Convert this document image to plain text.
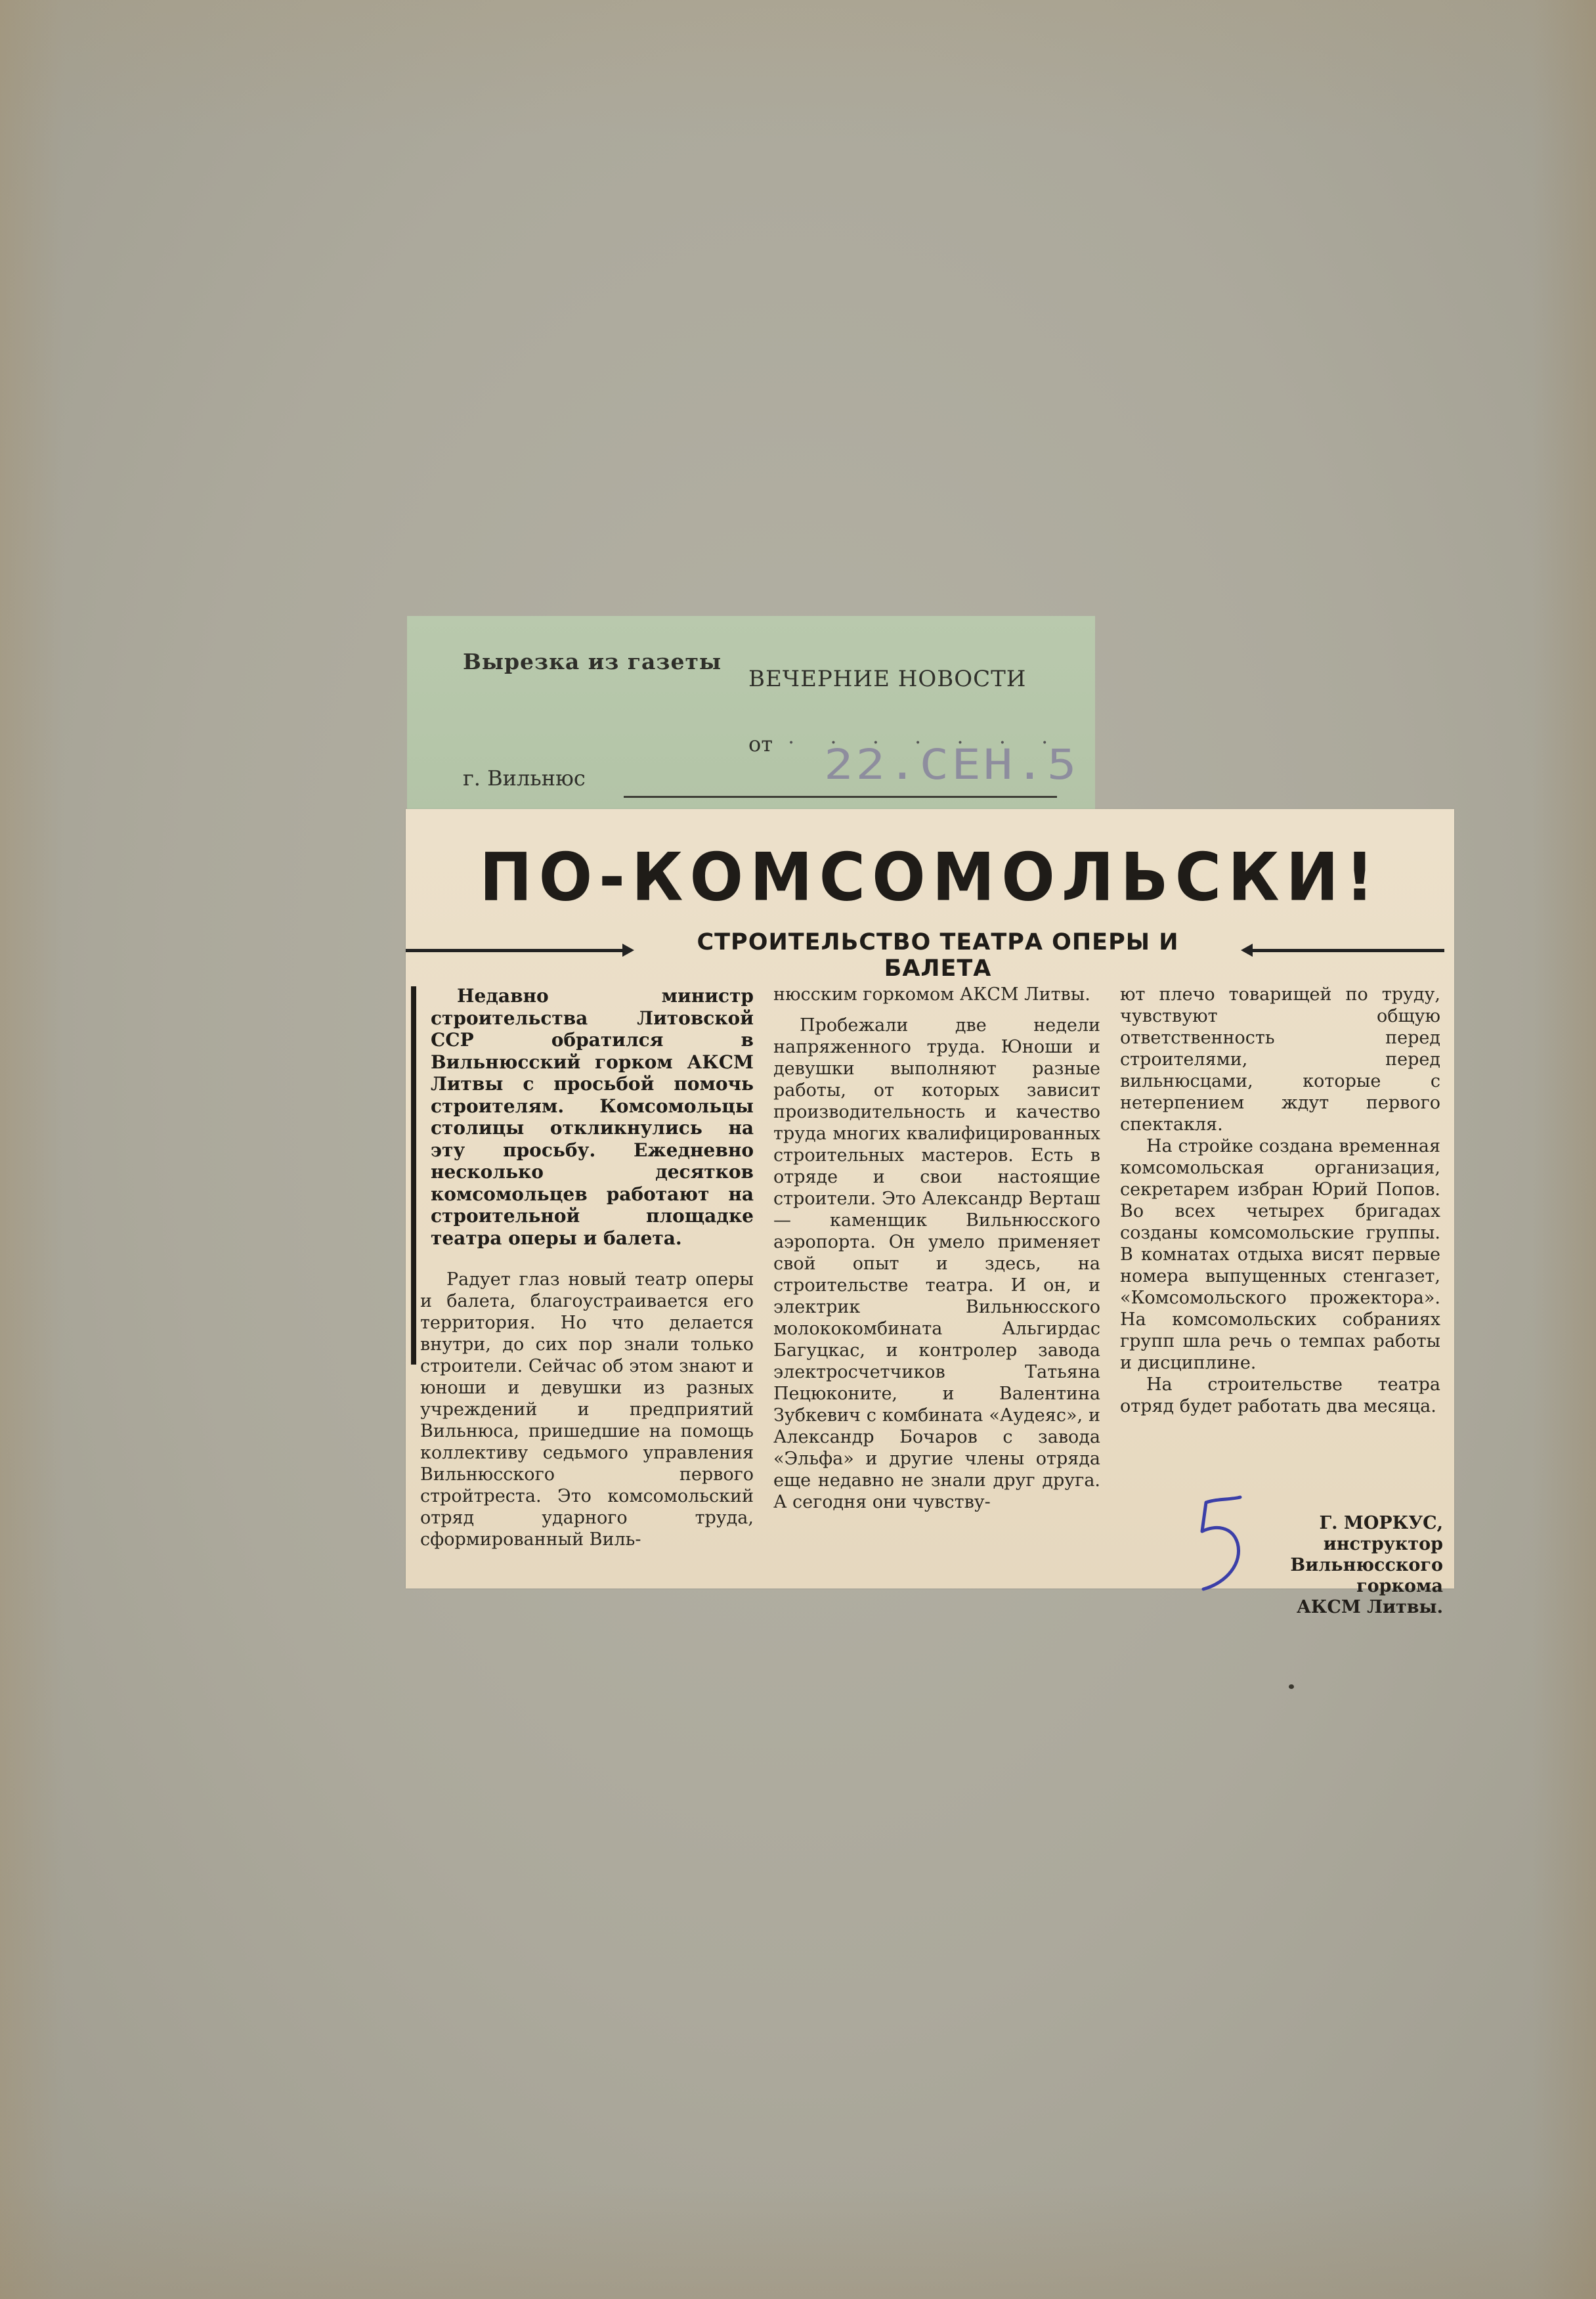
Вырезка из газеты
ВЕЧЕРНИЕ НОВОСТИ
от . . . . . . .
22.СЕН.5
г. Вильнюс
ПО-КОМСОМОЛЬСКИ!
СТРОИТЕЛЬСТВО ТЕАТРА ОПЕРЫ И БАЛЕТА
Недавно министр строительства Литовской ССР обратился в Вильнюсский горком АКСМ Литвы с просьбой помочь строителям. Комсомольцы столицы откликнулись на эту просьбу. Ежедневно несколько десятков комсомольцев работают на строительной площадке театра оперы и балета.

Радует глаз новый театр оперы и балета, благоустраивается его территория. Но что делается внутри, до сих пор знали только строители. Сейчас об этом знают и юноши и девушки из разных учреждений и предприятий Вильнюса, пришедшие на помощь коллективу седьмого управления Вильнюсского первого стройтреста. Это комсомольский отряд ударного труда, сформированный Виль-

нюсским горкомом АКСМ Литвы.

Пробежали две недели напряженного труда. Юноши и девушки выполняют разные работы, от которых зависит производительность и качество труда многих квалифицированных строительных мастеров. Есть в отряде и свои настоящие строители. Это Александр Верташ — каменщик Вильнюсского аэропорта. Он умело применяет свой опыт и здесь, на строительстве театра. И он, и электрик Вильнюсского молококомбината Альгирдас Багуцкас, и контролер завода электросчетчиков Татьяна Пецюконите, и Валентина Зубкевич с комбината «Аудеяс», и Александр Бочаров с завода «Эльфа» и другие члены отряда еще недавно не знали друг друга. А сегодня они чувству-

ют плечо товарищей по труду, чувствуют общую ответственность перед строителями, перед вильнюсцами, которые с нетерпением ждут первого спектакля.

На стройке создана временная комсомольская организация, секретарем избран Юрий Попов. Во всех четырех бригадах созданы комсомольские группы. В комнатах отдыха висят первые номера выпущенных стенгазет, «Комсомольского прожектора». На комсомольских собраниях групп шла речь о темпах работы и дисциплине.

На строительстве театра отряд будет работать два месяца.

Г. МОРКУС,
инструктор
Вильнюсского горкома
АКСМ Литвы.
